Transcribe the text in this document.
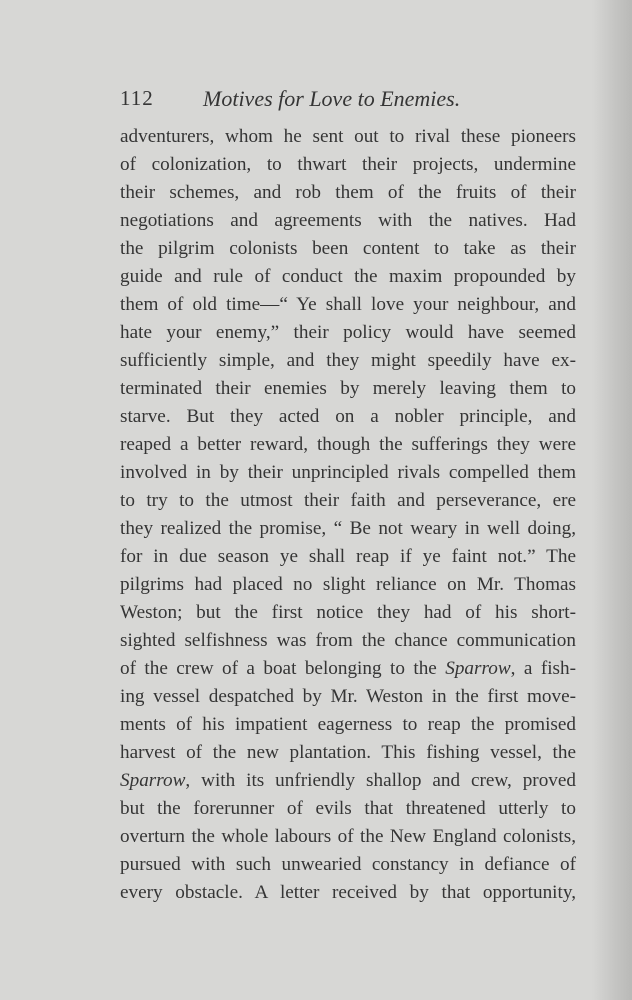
112 Motives for Love to Enemies.
adventurers, whom he sent out to rival these pioneers
of colonization, to thwart their projects, undermine
their schemes, and rob them of the fruits of their
negotiations and agreements with the natives. Had
the pilgrim colonists been content to take as their
guide and rule of conduct the maxim propounded by
them of old time—“ Ye shall love your neighbour, and
hate your enemy,” their policy would have seemed
sufficiently simple, and they might speedily have ex-
terminated their enemies by merely leaving them to
starve. But they acted on a nobler principle, and
reaped a better reward, though the sufferings they were
involved in by their unprincipled rivals compelled them
to try to the utmost their faith and perseverance, ere
they realized the promise, “ Be not weary in well doing,
for in due season ye shall reap if ye faint not.” The
pilgrims had placed no slight reliance on Mr. Thomas
Weston; but the first notice they had of his short-
sighted selfishness was from the chance communication
of the crew of a boat belonging to the Sparrow, a fish-
ing vessel despatched by Mr. Weston in the first move-
ments of his impatient eagerness to reap the promised
harvest of the new plantation. This fishing vessel, the
Sparrow, with its unfriendly shallop and crew, proved
but the forerunner of evils that threatened utterly to
overturn the whole labours of the New England colonists,
pursued with such unwearied constancy in defiance of
every obstacle. A letter received by that opportunity,
